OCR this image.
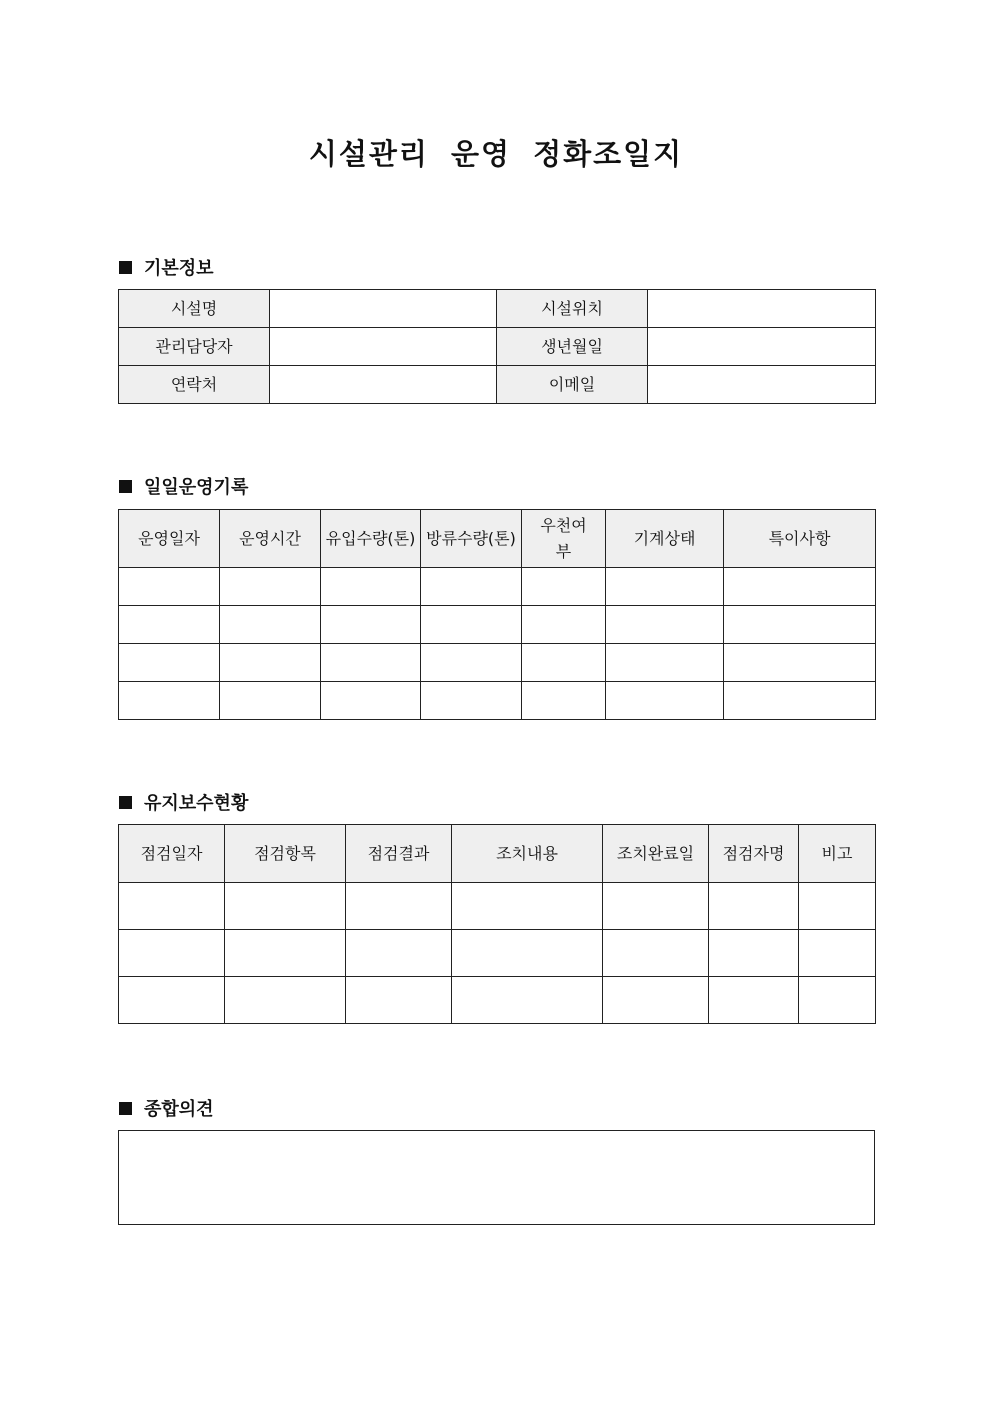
시설관리 운영 정화조일지
기본정보
시설명		시설위치	
관리담당자		생년월일	
연락처		이메일	
일일운영기록
운영일자	운영시간	유입수량(톤)	방류수량(톤)	우천여부	기계상태	특이사항

유지보수현황
점검일자	점검항목	점검결과	조치내용	조치완료일	점검자명	비고

종합의견
